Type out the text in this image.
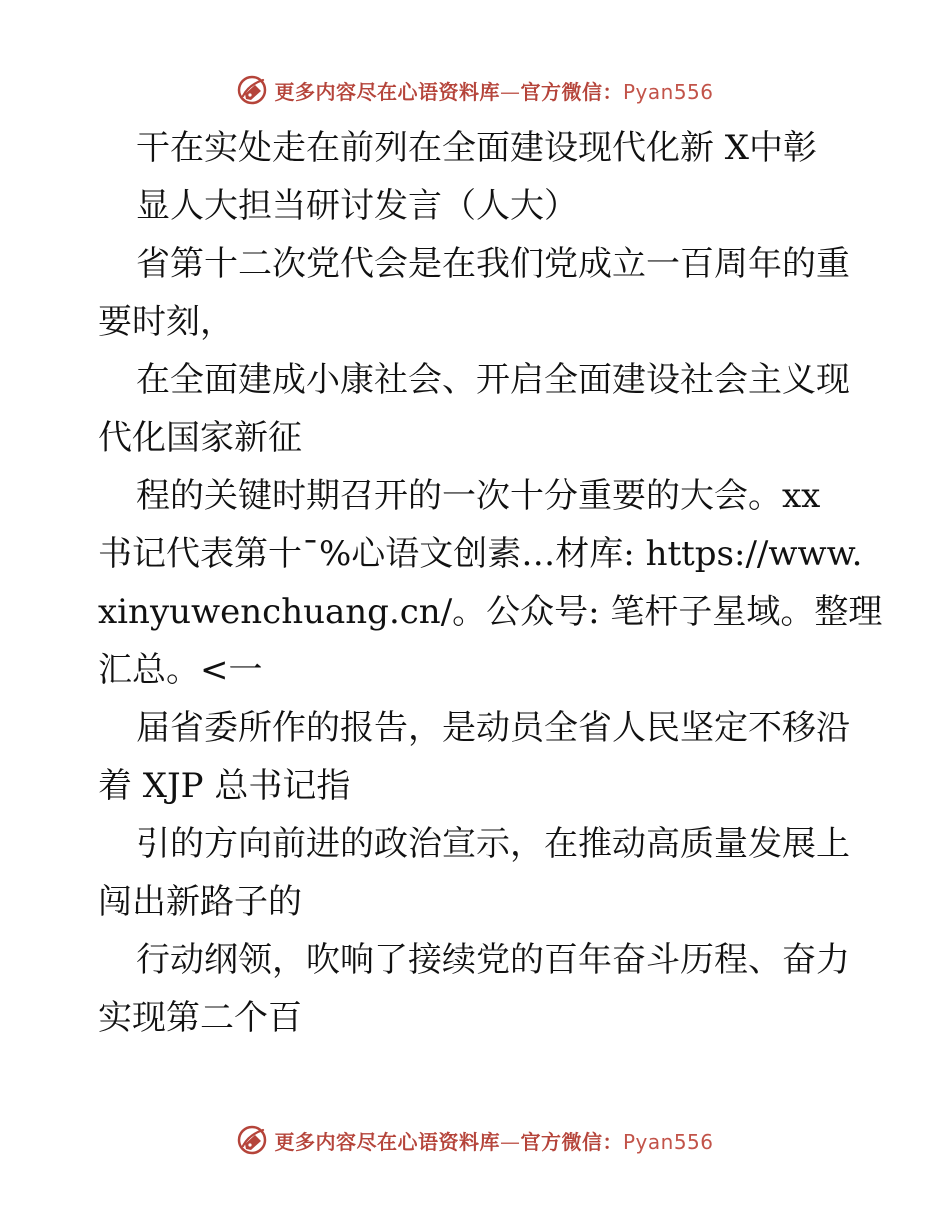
更多内容尽在心语资料库—官方微信：Pyan556
干在实处走在前列在全面建设现代化新 X中彰
显人大担当研讨发言（人大）
省第十二次党代会是在我们党成立一百周年的重
要时刻，
在全面建成小康社会、开启全面建设社会主义现
代化国家新征
程的关键时期召开的一次十分重要的大会。xx
书记代表第十¯%心语文创素…材库: https://www.
xinyuwenchuang.cn/。公众号: 笔杆子星域。整理
汇总。<一
届省委所作的报告，是动员全省人民坚定不移沿
着 XJP 总书记指
引的方向前进的政治宣示，在推动高质量发展上
闯出新路子的
行动纲领，吹响了接续党的百年奋斗历程、奋力
实现第二个百
更多内容尽在心语资料库—官方微信：Pyan556
